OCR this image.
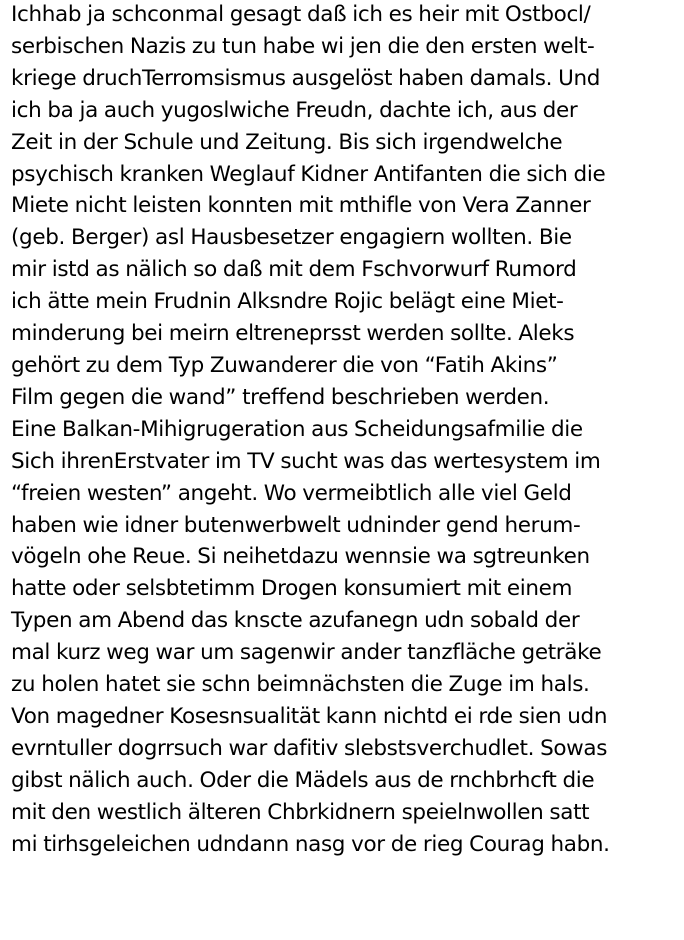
Ichhab ja schconmal gesagt daß ich es heir mit Ostbocl/

serbischen Nazis zu tun habe wi jen die den ersten welt-

kriege druchTerromsismus ausgelöst haben damals. Und

ich ba ja auch yugoslwiche Freudn, dachte ich, aus der

Zeit in der Schule und Zeitung. Bis sich irgendwelche

psychisch kranken Weglauf Kidner Antifanten die sich die

Miete nicht leisten konnten mit mthifle von Vera Zanner

(geb. Berger) asl Hausbesetzer engagiern wollten. Bie

mir istd as nälich so daß mit dem Fschvorwurf Rumord

ich ätte mein Frudnin Alksndre Rojic belägt eine Miet-

minderung bei meirn eltreneprsst werden sollte. Aleks

gehört zu dem Typ Zuwanderer die von “Fatih Akins”

Film gegen die wand” treffend beschrieben werden.

Eine Balkan-Mihigrugeration aus Scheidungsafmilie die

Sich ihrenErstvater im TV sucht was das wertesystem im

“freien westen” angeht. Wo vermeibtlich alle viel Geld

haben wie idner butenwerbwelt udninder gend herum-

vögeln ohe Reue. Si neihetdazu wennsie wa sgtreunken

hatte oder selsbtetimm Drogen konsumiert mit einem

Typen am Abend das knscte azufanegn udn sobald der

mal kurz weg war um sagenwir ander tanzfläche geträke

zu holen hatet sie schn beimnächsten die Zuge im hals.

Von magedner Kosesnsualität kann nichtd ei rde sien udn

evrntuller dogrrsuch war dafitiv slebstsverchudlet. Sowas

gibst nälich auch. Oder die Mädels aus de rnchbrhcft die

mit den westlich älteren Chbrkidnern speielnwollen satt

mi tirhsgeleichen udndann nasg vor de rieg Courag habn.
